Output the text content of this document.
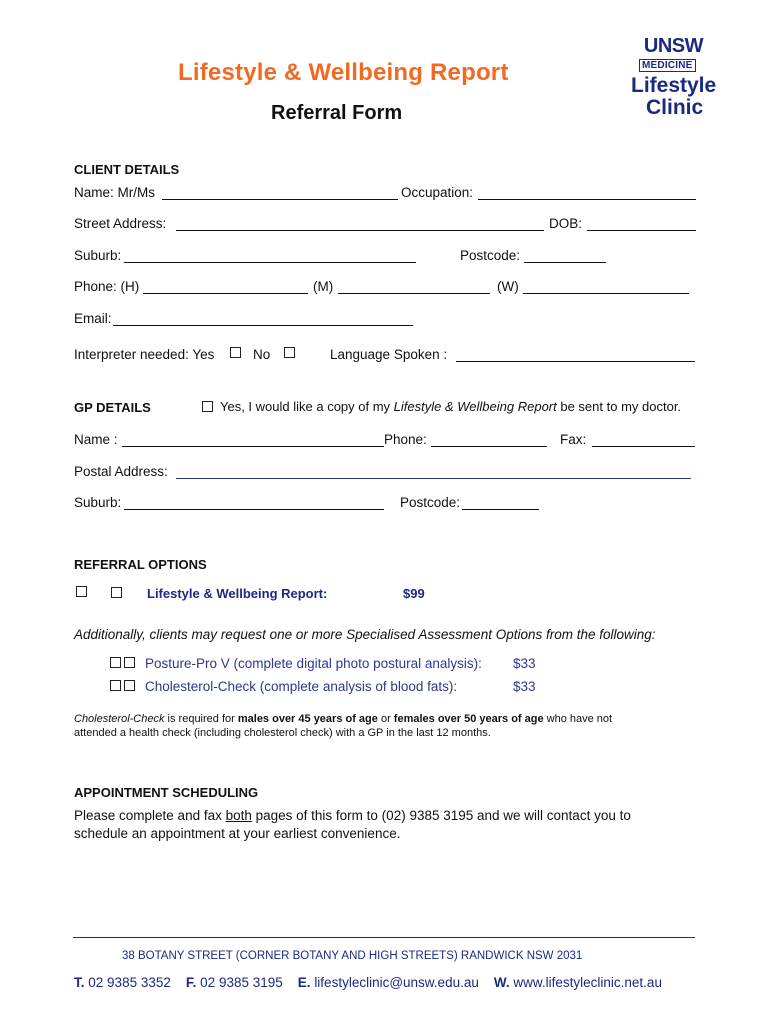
Lifestyle & Wellbeing Report
Referral Form
UNSW
MEDICINE
Lifestyle
Clinic
CLIENT DETAILS
Name: Mr/Ms	Occupation:
Street Address:	DOB:
Suburb:	Postcode:
Phone: (H)	(M)	(W)
Email:
Interpreter needed: Yes	No	Language Spoken :
GP DETAILS	Yes, I would like a copy of my Lifestyle & Wellbeing Report be sent to my doctor.
Name :	Phone:	Fax:
Postal Address:
Suburb:	Postcode:
REFERRAL OPTIONS
Lifestyle & Wellbeing Report:	$99
Additionally, clients may request one or more Specialised Assessment Options from the following:
Posture-Pro V (complete digital photo postural analysis): $33
Cholesterol-Check (complete analysis of blood fats):	$33
Cholesterol-Check is required for males over 45 years of age or females over 50 years of age who have not
attended a health check (including cholesterol check) with a GP in the last 12 months.
APPOINTMENT SCHEDULING
Please complete and fax both pages of this form to (02) 9385 3195 and we will contact you to
schedule an appointment at your earliest convenience.
38 BOTANY STREET (CORNER BOTANY AND HIGH STREETS) RANDWICK NSW 2031
T. 02 9385 3352 F. 02 9385 3195 E. lifestyleclinic@unsw.edu.au W. www.lifestyleclinic.net.au
